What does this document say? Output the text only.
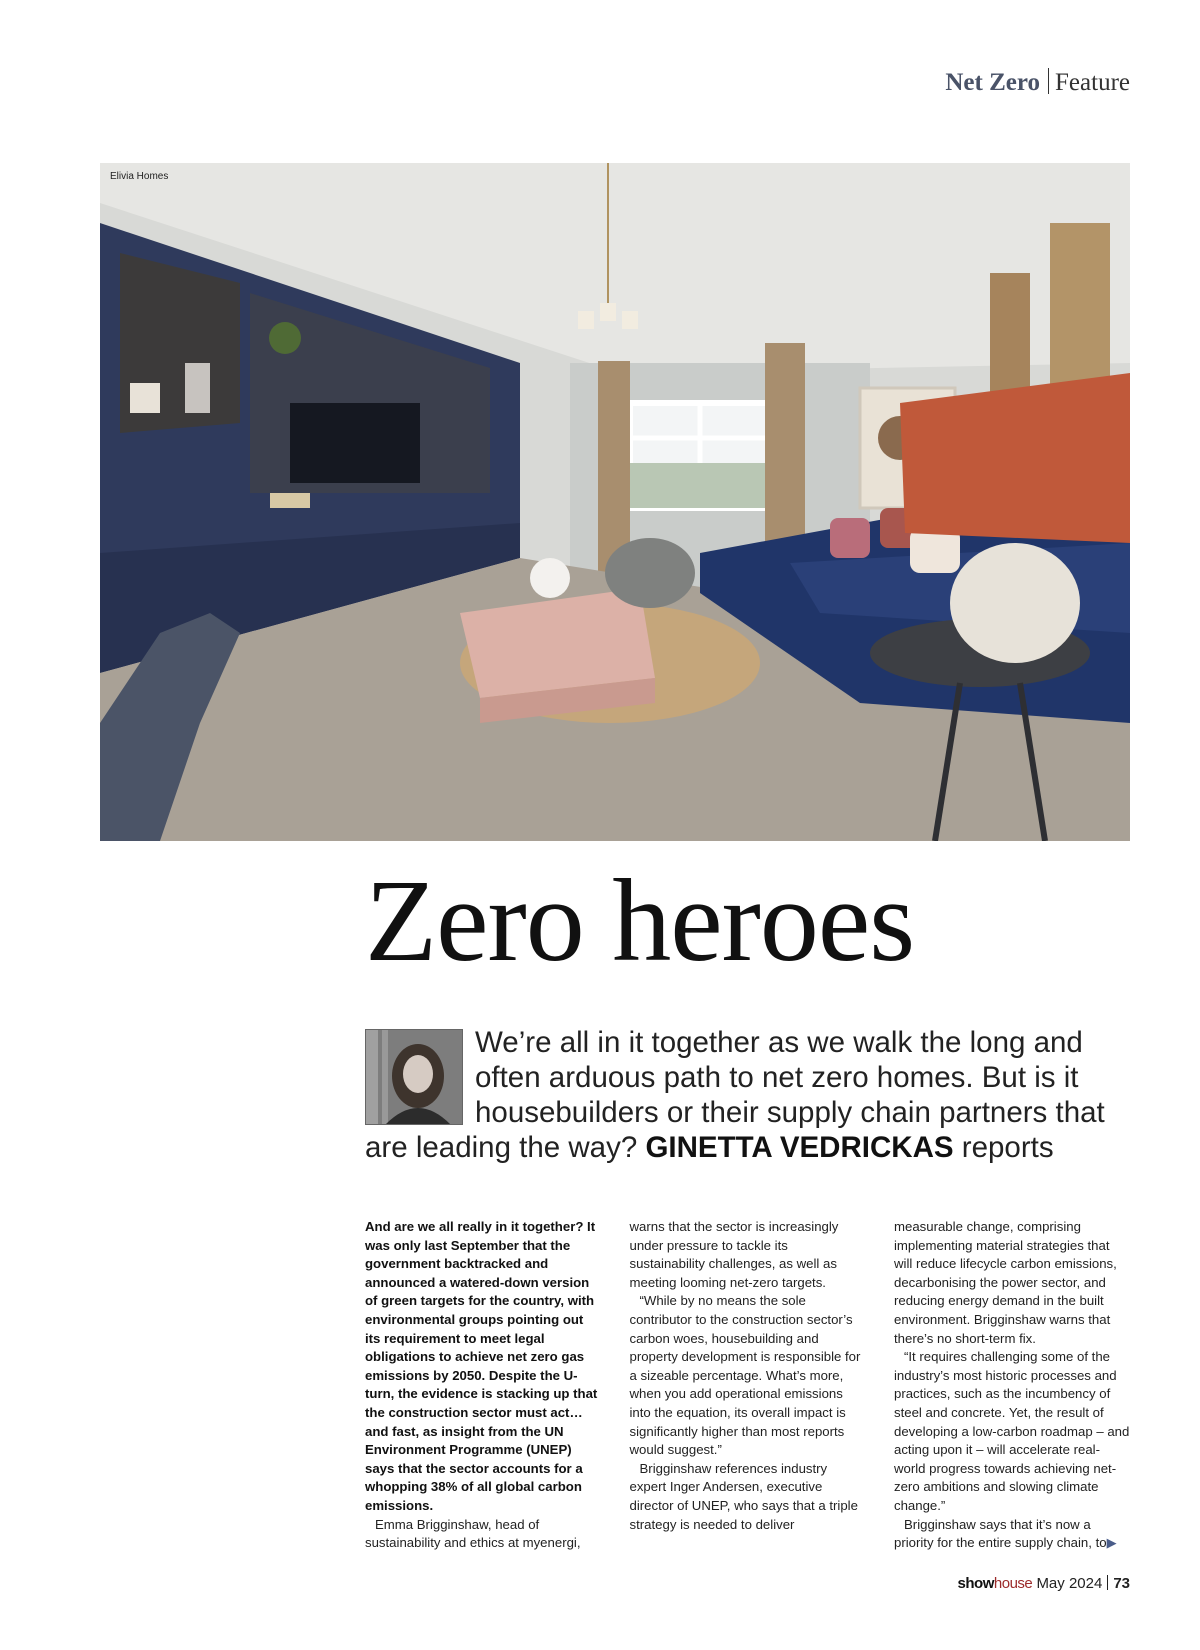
Net Zero Feature
Elivia Homes
Zero heroes

We’re all in it together as we walk the long and often arduous path to net zero homes. But is it housebuilders or their supply chain partners that are leading the way? GINETTA VEDRICKAS reports

And are we all really in it together? It was only last September that the government backtracked and announced a watered-down version of green targets for the country, with environmental groups pointing out its requirement to meet legal obligations to achieve net zero gas emissions by 2050. Despite the U-turn, the evidence is stacking up that the construction sector must act… and fast, as insight from the UN Environment Programme (UNEP) says that the sector accounts for a whopping 38% of all global carbon emissions.

Emma Brigginshaw, head of sustainability and ethics at myenergi,

warns that the sector is increasingly under pressure to tackle its sustainability challenges, as well as meeting looming net-zero targets.

“While by no means the sole contributor to the construction sector’s carbon woes, housebuilding and property development is responsible for a sizeable percentage. What’s more, when you add operational emissions into the equation, its overall impact is significantly higher than most reports would suggest.”

Brigginshaw references industry expert Inger Andersen, executive director of UNEP, who says that a triple strategy is needed to deliver

measurable change, comprising implementing material strategies that will reduce lifecycle carbon emissions, decarbonising the power sector, and reducing energy demand in the built environment. Brigginshaw warns that there’s no short-term fix.

“It requires challenging some of the industry’s most historic processes and practices, such as the incumbency of steel and concrete. Yet, the result of developing a low-carbon roadmap – and acting upon it – will accelerate real-world progress towards achieving net-zero ambitions and slowing climate change.”

Brigginshaw says that it’s now a priority for the entire supply chain, to▶

showhouse May 2024 73
